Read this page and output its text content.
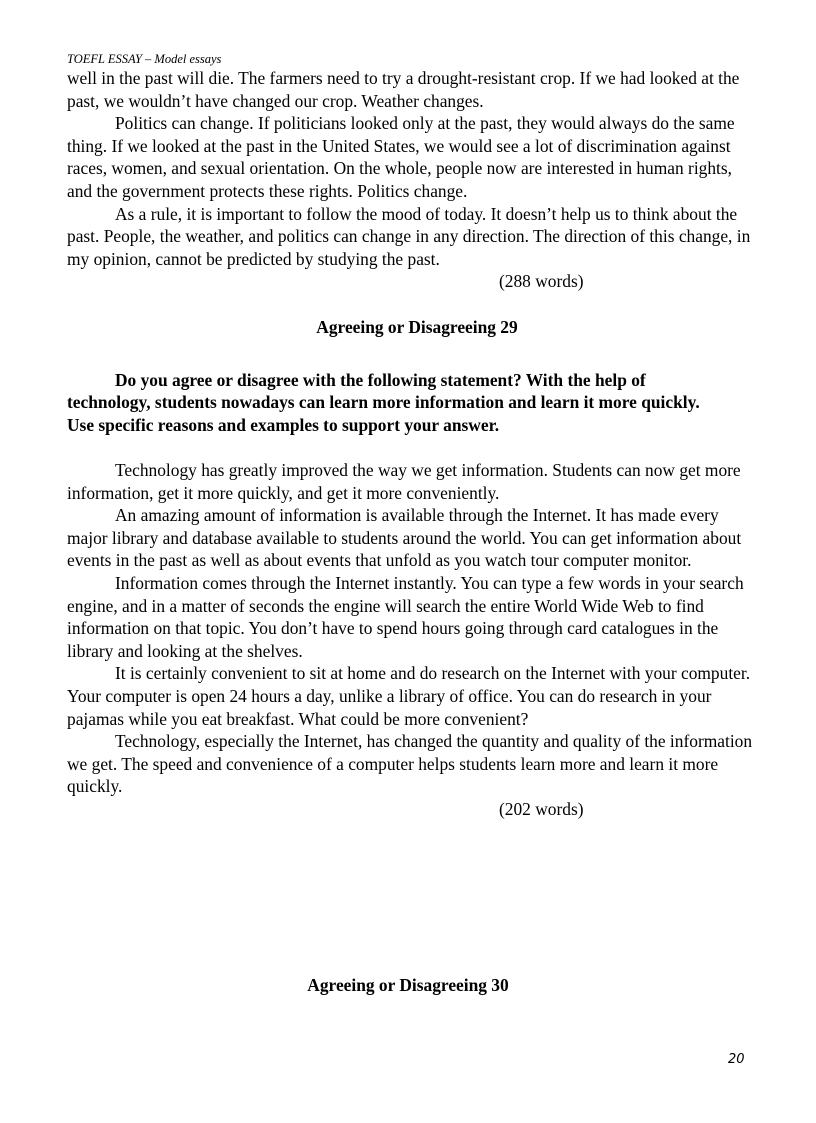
TOEFL ESSAY – Model essays

well in the past will die. The farmers need to try a drought-resistant crop. If we had looked at the past, we wouldn’t have changed our crop. Weather changes.

Politics can change. If politicians looked only at the past, they would always do the same thing. If we looked at the past in the United States, we would see a lot of discrimination against races, women, and sexual orientation. On the whole, people now are interested in human rights, and the government protects these rights. Politics change.

As a rule, it is important to follow the mood of today. It doesn’t help us to think about the past. People, the weather, and politics can change in any direction. The direction of this change, in my opinion, cannot be predicted by studying the past.

(288 words)

Agreeing or Disagreeing 29

Do you agree or disagree with the following statement? With the help of technology, students nowadays can learn more information and learn it more quickly. Use specific reasons and examples to support your answer.

Technology has greatly improved the way we get information. Students can now get more information, get it more quickly, and get it more conveniently.

An amazing amount of information is available through the Internet. It has made every major library and database available to students around the world. You can get information about events in the past as well as about events that unfold as you watch tour computer monitor.

Information comes through the Internet instantly. You can type a few words in your search engine, and in a matter of seconds the engine will search the entire World Wide Web to find information on that topic. You don’t have to spend hours going through card catalogues in the library and looking at the shelves.

It is certainly convenient to sit at home and do research on the Internet with your computer. Your computer is open 24 hours a day, unlike a library of office. You can do research in your pajamas while you eat breakfast. What could be more convenient?

Technology, especially the Internet, has changed the quantity and quality of the information we get. The speed and convenience of a computer helps students learn more and learn it more quickly.

(202 words)

Agreeing or Disagreeing 30
20
